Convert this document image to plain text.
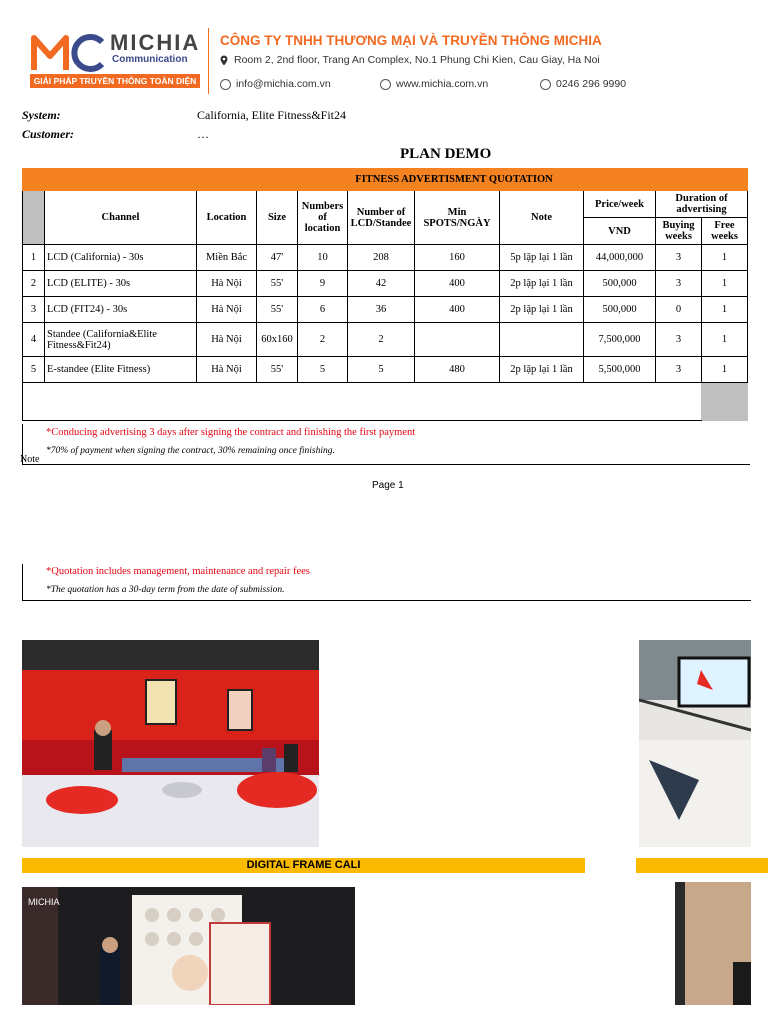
MICHIA
Communication
GIẢI PHÁP TRUYỀN THÔNG TOÀN DIỆN
CÔNG TY TNHH THƯƠNG MẠI VÀ TRUYỀN THÔNG MICHIA
Room 2, 2nd floor, Trang An Complex, No.1 Phung Chi Kien, Cau Giay, Ha Noi
info@michia.com.vn	www.michia.com.vn	0246 296 9990
System:	California, Elite Fitness&Fit24
Customer:	…
PLAN DEMO
FITNESS ADVERTISMENT QUOTATION										
	Channel	Location	Size	Numbers of location	Number of LCD/Standee	Min SPOTS/NGÀY	Note	Price/week	Duration of advertising	
								VND	Buying weeks	Free weeks
1	LCD (California) - 30s	Miền Bắc	47'	10	208	160	5p lặp lại 1 lần	44,000,000	3	1
2	LCD (ELITE) - 30s	Hà Nội	55'	9	42	400	2p lặp lại 1 lần	500,000	3	1
3	LCD (FIT24) - 30s	Hà Nội	55'	6	36	400	2p lặp lại 1 lần	500,000	0	1
4	Standee (California&Elite Fitness&Fit24)	Hà Nội	60x160	2	2			7,500,000	3	1
5	E-standee (Elite Fitness)	Hà Nội	55'	5	5	480	2p lặp lại 1 lần	5,500,000	3	1

Note
*Conducing advertising 3 days after signing the contract and finishing the first payment
*70% of payment when signing the contract, 30% remaining once finishing.
Page 1
*Quotation includes management, maintenance and repair fees
*The quotation has a 30-day term from the date of submission.
DIGITAL FRAME CALI
MICHIA
